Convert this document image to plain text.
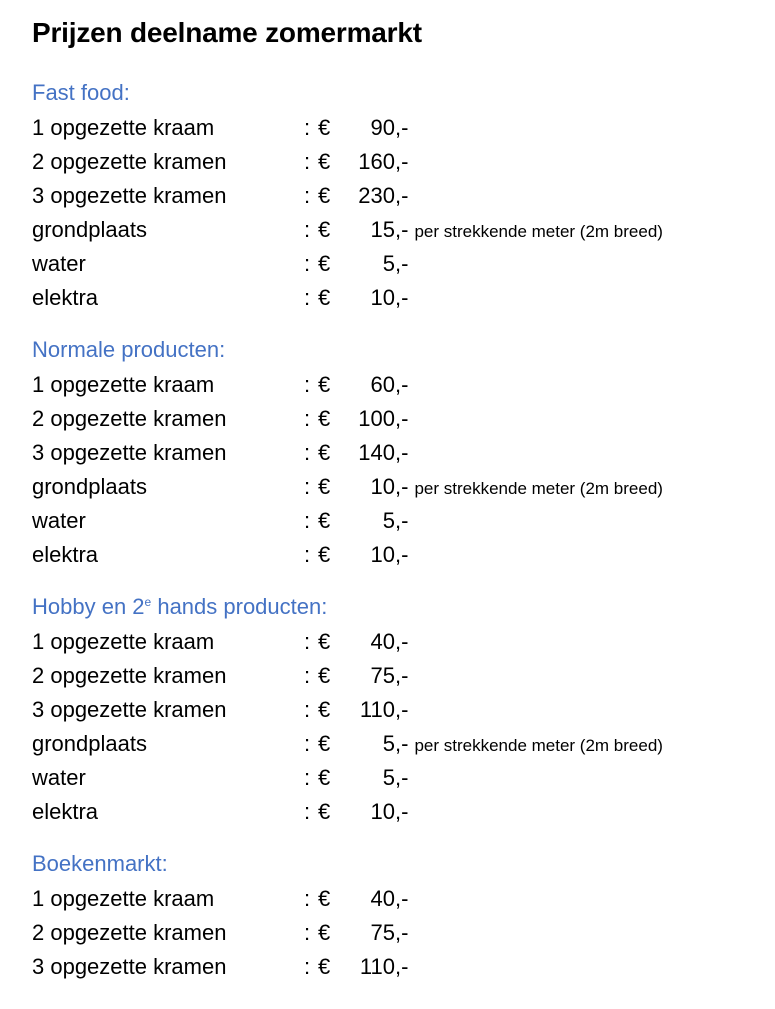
Prijzen deelname zomermarkt
Fast food:
1 opgezette kraam	: €	90 ,-
2 opgezette kramen	: €	160 ,-
3 opgezette kramen	: €	230 ,-
grondplaats	: €	15 ,- per strekkende meter (2m breed)
water	: €	5 ,-
elektra	: €	10 ,-
Normale producten:
1 opgezette kraam	: €	60 ,-
2 opgezette kramen	: €	100 ,-
3 opgezette kramen	: €	140 ,-
grondplaats	: €	10 ,- per strekkende meter (2m breed)
water	: €	5 ,-
elektra	: €	10 ,-
Hobby en 2e hands producten:
1 opgezette kraam	: €	40 ,-
2 opgezette kramen	: €	75 ,-
3 opgezette kramen	: €	110 ,-
grondplaats	: €	5 ,- per strekkende meter (2m breed)
water	: €	5 ,-
elektra	: €	10 ,-
Boekenmarkt:
1 opgezette kraam	: €	40 ,-
2 opgezette kramen	: €	75 ,-
3 opgezette kramen	: €	110 ,-
